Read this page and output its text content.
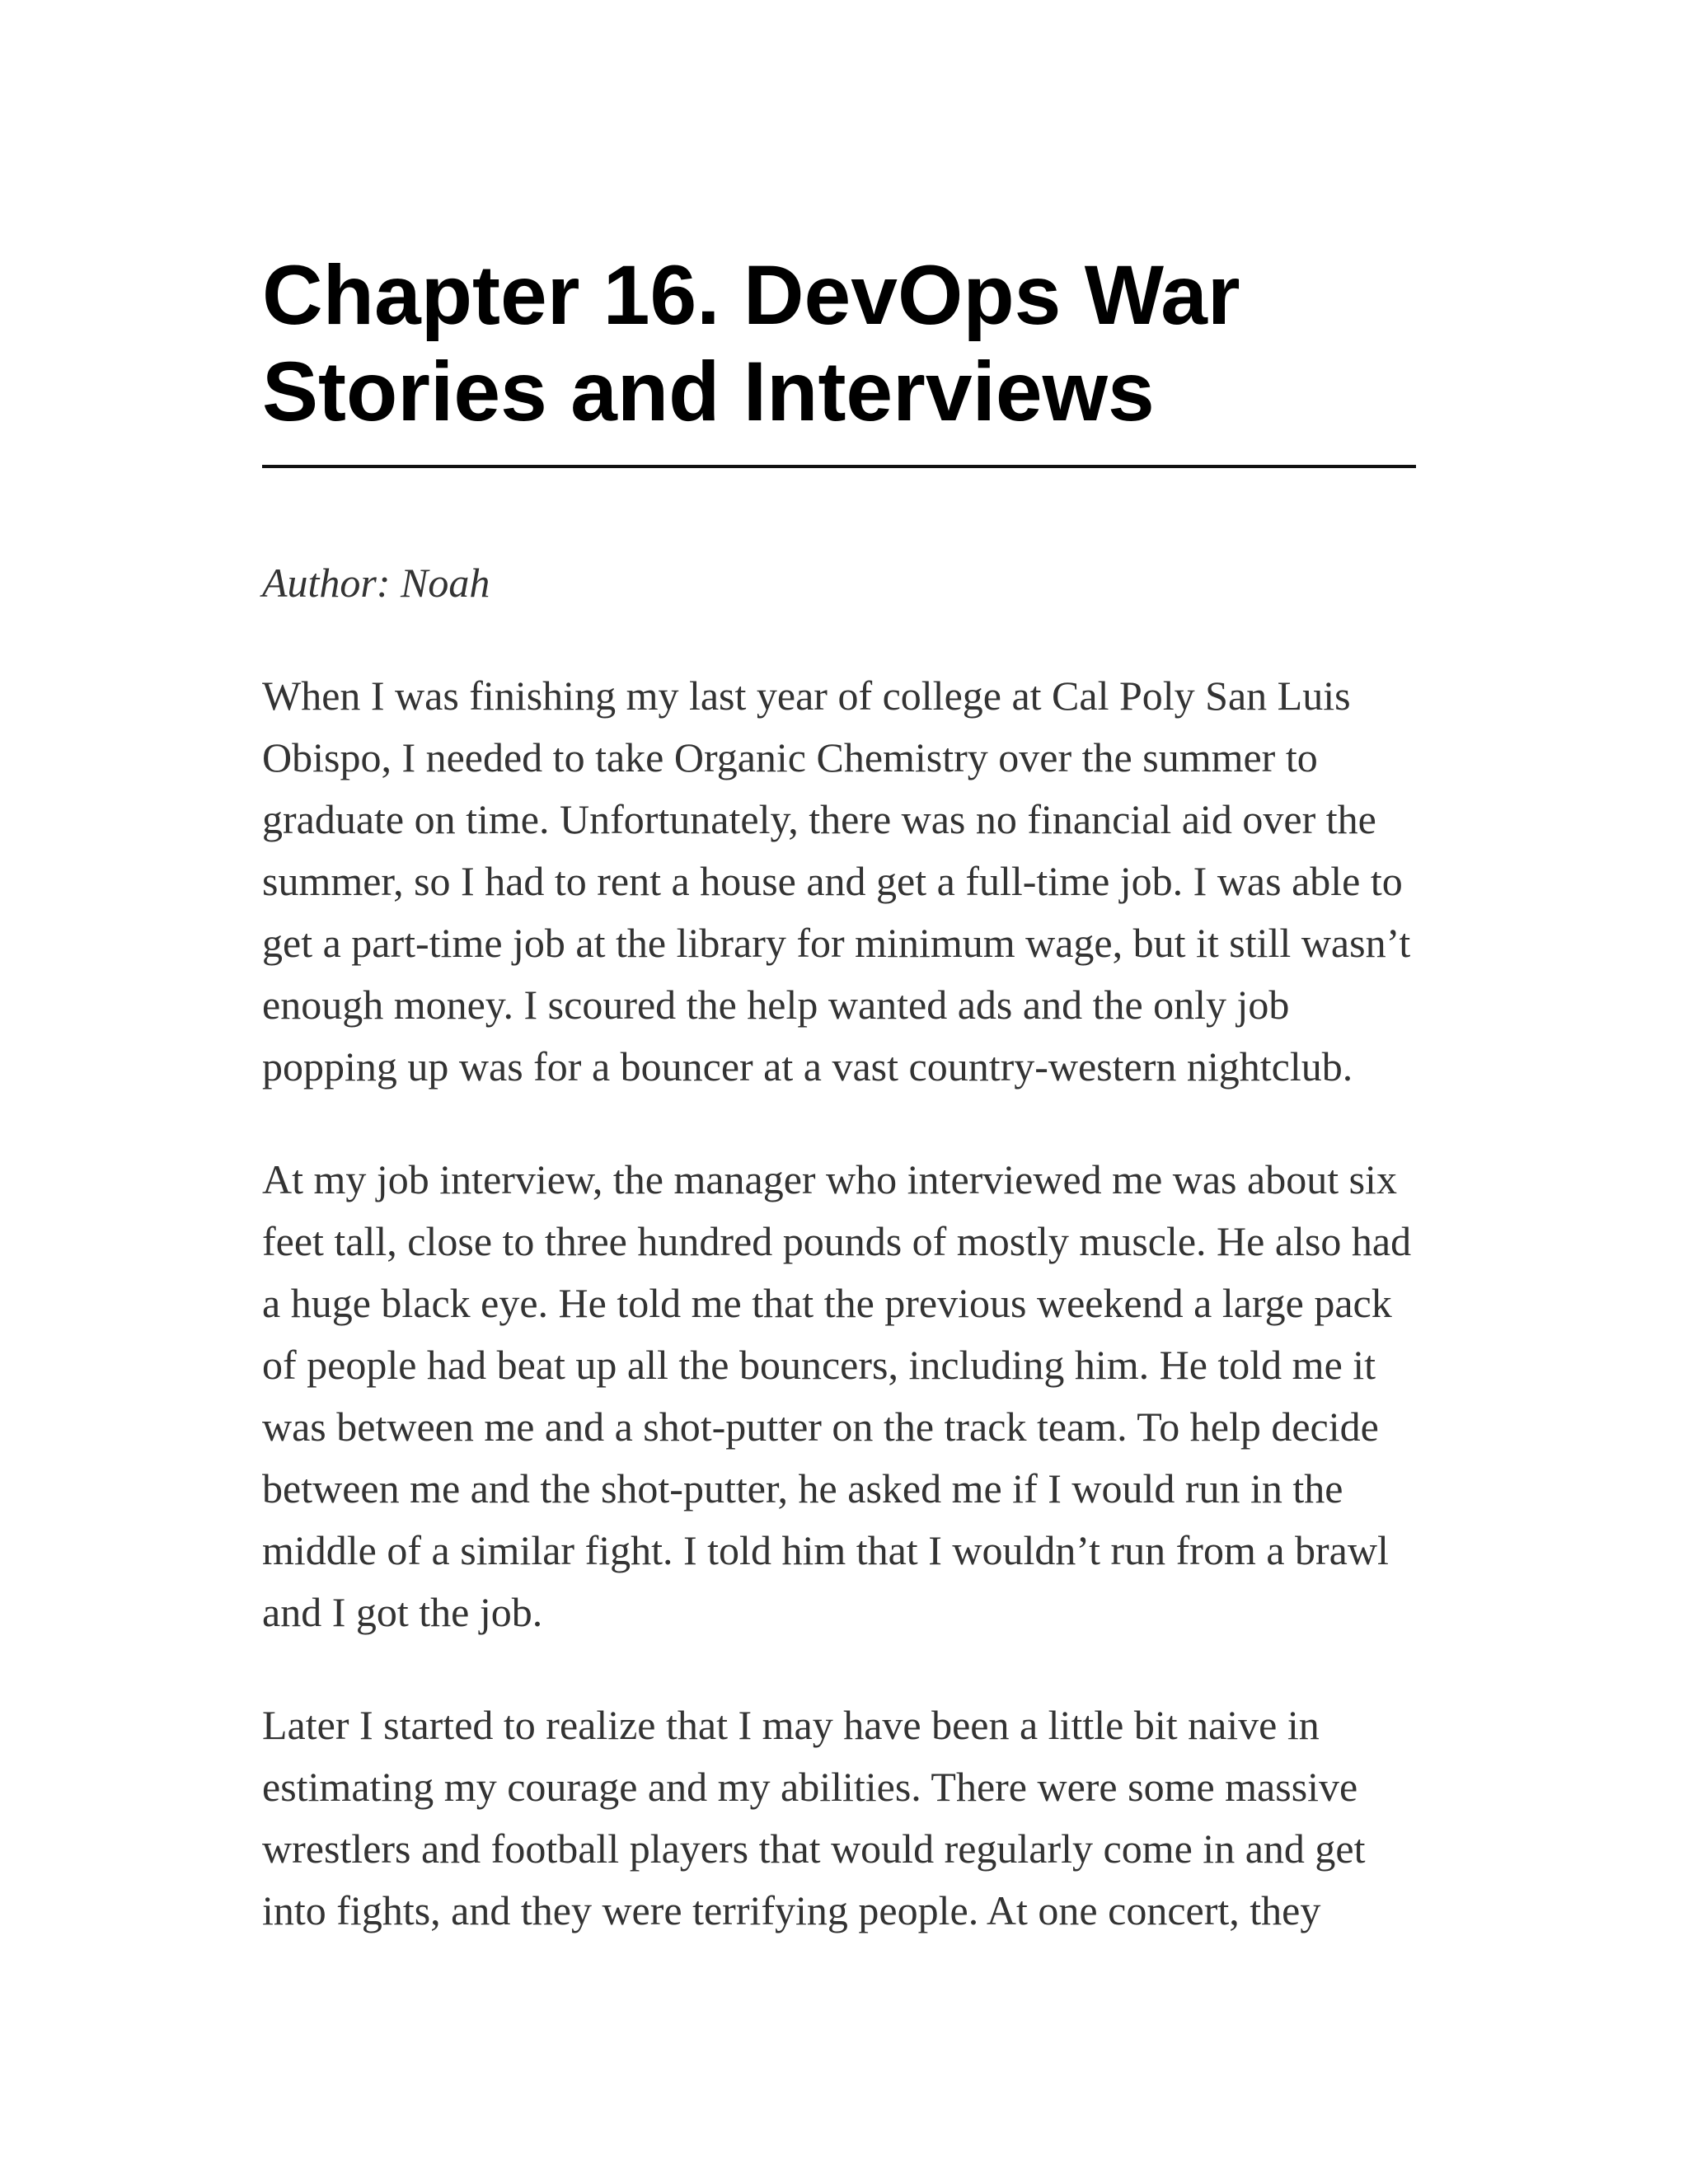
Chapter 16. DevOps War Stories and Interviews

Author: Noah

When I was finishing my last year of college at Cal Poly San Luis Obispo, I needed to take Organic Chemistry over the summer to graduate on time. Unfortunately, there was no financial aid over the summer, so I had to rent a house and get a full-time job. I was able to get a part-time job at the library for minimum wage, but it still wasn’t enough money. I scoured the help wanted ads and the only job popping up was for a bouncer at a vast country-western nightclub.

At my job interview, the manager who interviewed me was about six feet tall, close to three hundred pounds of mostly muscle. He also had a huge black eye. He told me that the previous weekend a large pack of people had beat up all the bouncers, including him. He told me it was between me and a shot-putter on the track team. To help decide between me and the shot-putter, he asked me if I would run in the middle of a similar fight. I told him that I wouldn’t run from a brawl and I got the job.

Later I started to realize that I may have been a little bit naive in estimating my courage and my abilities. There were some massive wrestlers and football players that would regularly come in and get into fights, and they were terrifying people. At one concert, they
